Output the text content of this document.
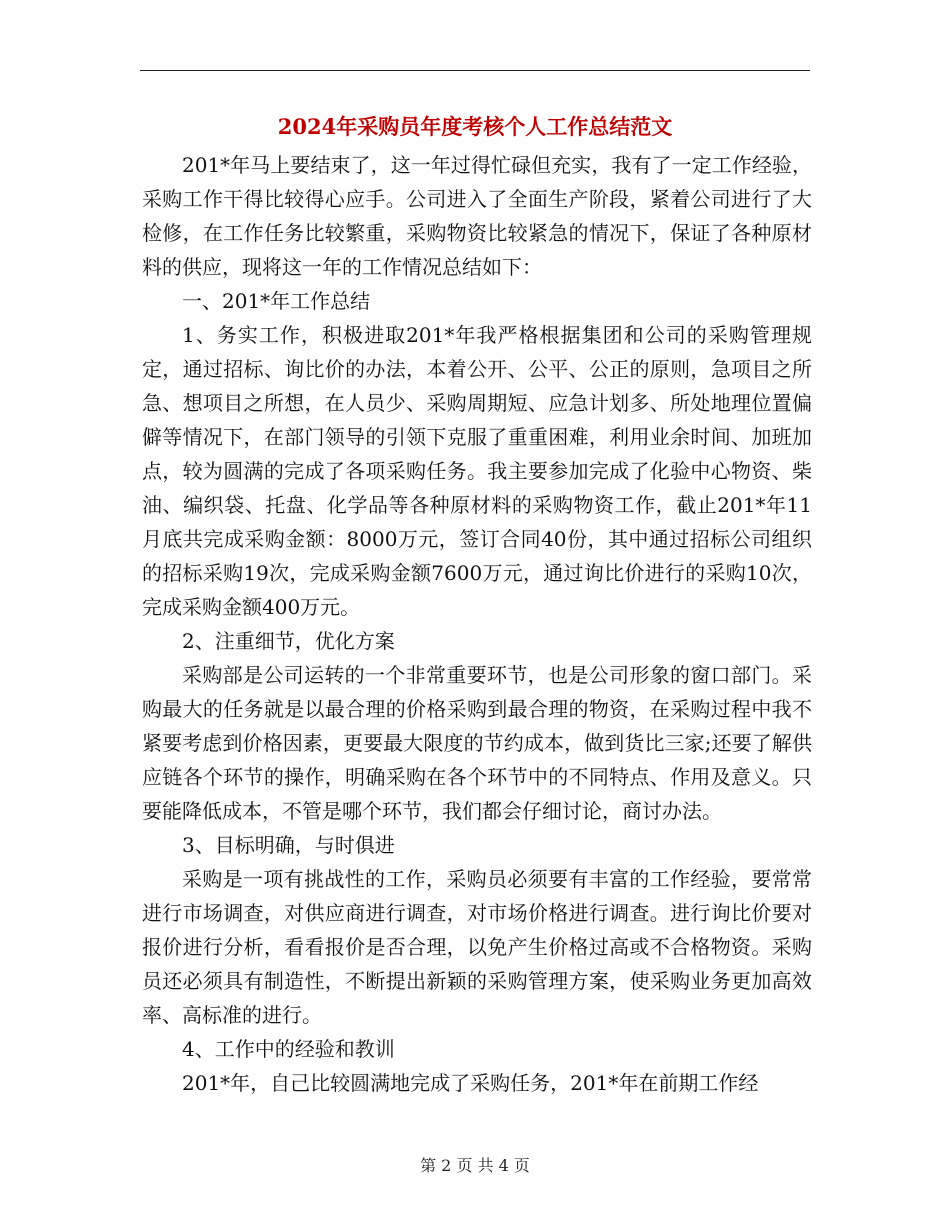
2024年采购员年度考核个人工作总结范文

201*年马上要结束了，这一年过得忙碌但充实，我有了一定工作经验，采购工作干得比较得心应手。公司进入了全面生产阶段，紧着公司进行了大检修，在工作任务比较繁重，采购物资比较紧急的情况下，保证了各种原材料的供应，现将这一年的工作情况总结如下：

一、201*年工作总结

1、务实工作，积极进取201*年我严格根据集团和公司的采购管理规定，通过招标、询比价的办法，本着公开、公平、公正的原则，急项目之所急、想项目之所想，在人员少、采购周期短、应急计划多、所处地理位置偏僻等情况下，在部门领导的引领下克服了重重困难，利用业余时间、加班加点，较为圆满的完成了各项采购任务。我主要参加完成了化验中心物资、柴油、编织袋、托盘、化学品等各种原材料的采购物资工作，截止201*年11月底共完成采购金额：8000万元，签订合同40份，其中通过招标公司组织的招标采购19次，完成采购金额7600万元，通过询比价进行的采购10次，完成采购金额400万元。

2、注重细节，优化方案

采购部是公司运转的一个非常重要环节，也是公司形象的窗口部门。采购最大的任务就是以最合理的价格采购到最合理的物资，在采购过程中我不紧要考虑到价格因素，更要最大限度的节约成本，做到货比三家;还要了解供应链各个环节的操作，明确采购在各个环节中的不同特点、作用及意义。只要能降低成本，不管是哪个环节，我们都会仔细讨论，商讨办法。

3、目标明确，与时俱进

采购是一项有挑战性的工作，采购员必须要有丰富的工作经验，要常常进行市场调查，对供应商进行调查，对市场价格进行调查。进行询比价要对报价进行分析，看看报价是否合理，以免产生价格过高或不合格物资。采购员还必须具有制造性，不断提出新颖的采购管理方案，使采购业务更加高效率、高标准的进行。

4、工作中的经验和教训

201*年，自己比较圆满地完成了采购任务，201*年在前期工作经

第 2 页 共 4 页
